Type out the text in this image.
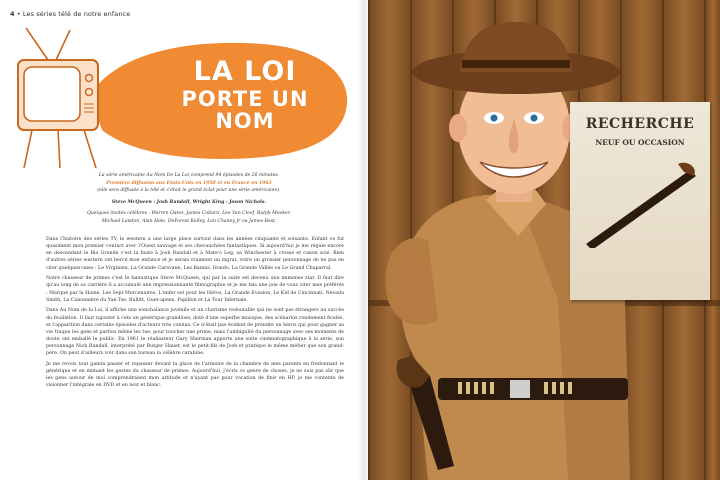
4 • Les séries télé de notre enfance
LA LOI
PORTE UN NOM

La série américaine Au Nom De La Loi comprend 94 épisodes de 26 minutes.

Première diffusion aux Etats-Unis en 1958 et en France en 1963

(elle sera diffusée à la télé et c'était le grand éclat pour une série américaine).

Steve McQueen : Josh Randall, Wright King : Jason Nichols.

Quelques invités célèbres : Warren Oates, James Coburn, Lee Van Cleef, Ralph Meeker,

Michael Landon, Alan Hale, DeForest Kelley, Lon Chaney Jr ou James Best.

Dans l'histoire des séries TV, le western a une large place surtout dans les années cinquante et soixante. Enfant ce fut quasiment mon premier contact avec l'Ouest sauvage et ses chevauchées fantastiques. Si aujourd'hui je me régale encore en descendant le Rio Grande c'est la faute à Josh Randall et à Mare's Leg, sa Winchester à crosse et canon scié. Bien d'autres séries western ont bercé mon enfance et je serais vraiment un ingrat, votre un grossier personnage de ne pas en citer quelques-unes : Le Virginien, La Grande Caravane, Les Bannis, Hondo, La Grande Vallée ou Le Grand Chaparral.

Notre chasseur de primes c'est le fantastique Steve McQueen, qui par la suite est devenu une immense star. Il faut dire qu'au long de sa carrière il a accumulé une impressionnante filmographie et je me fais une joie de vous citer mes préférés : Marqué par la Haine, Les Sept Mercenaires, L'enfer est pour les Héros, La Grande Evasion, Le Kid de Cincinnati, Nevada Smith, La Canonnière du Yan-Tse, Bullitt, Guet-apens, Papillon et La Tour Infernale.

Dans Au Nom de la Loi, il affiche une nonchalance juvénile et un charisme redoutable qui ne sont pas étrangers au succès du feuilleton. Il faut rajouter à cela un générique grandiose, doté d'une superbe musique, des scénarios rondement ficelés, et l'apparition dans certains épisodes d'acteurs très connus. Ce n'était pas évident de prendre un héros qui pour gagner sa vie traque les gens et parfois même les tue, pour toucher une prime, mais l'ambiguïté du personnage avec ses moments de doute ont emballé le public. En 1961 le réalisateur Gary Sherman apporte une suite cinématographique à la série, son personnage Nick Randall, interprété par Rutger Hauer, est le petit-fils de Josh et pratique le même métier que son grand-père. On peut d'ailleurs voir dans son bureau la célèbre carabine.

Je me revois tout gamin passer et repasser devant la glace de l'armoire de la chambre de mes parents en fredonnant le générique et en mimant les gestes du chasseur de primes. Aujourd'hui, j'écris ce genre de choses, je ne suis pas sûr que les gens autour de moi comprendraient mon attitude et n'ayant pas pour vocation de finir en HP, je me contente de visionner l'intégrale en DVD et en noir et blanc.

RECHERCHE
NEUF OU OCCASION
